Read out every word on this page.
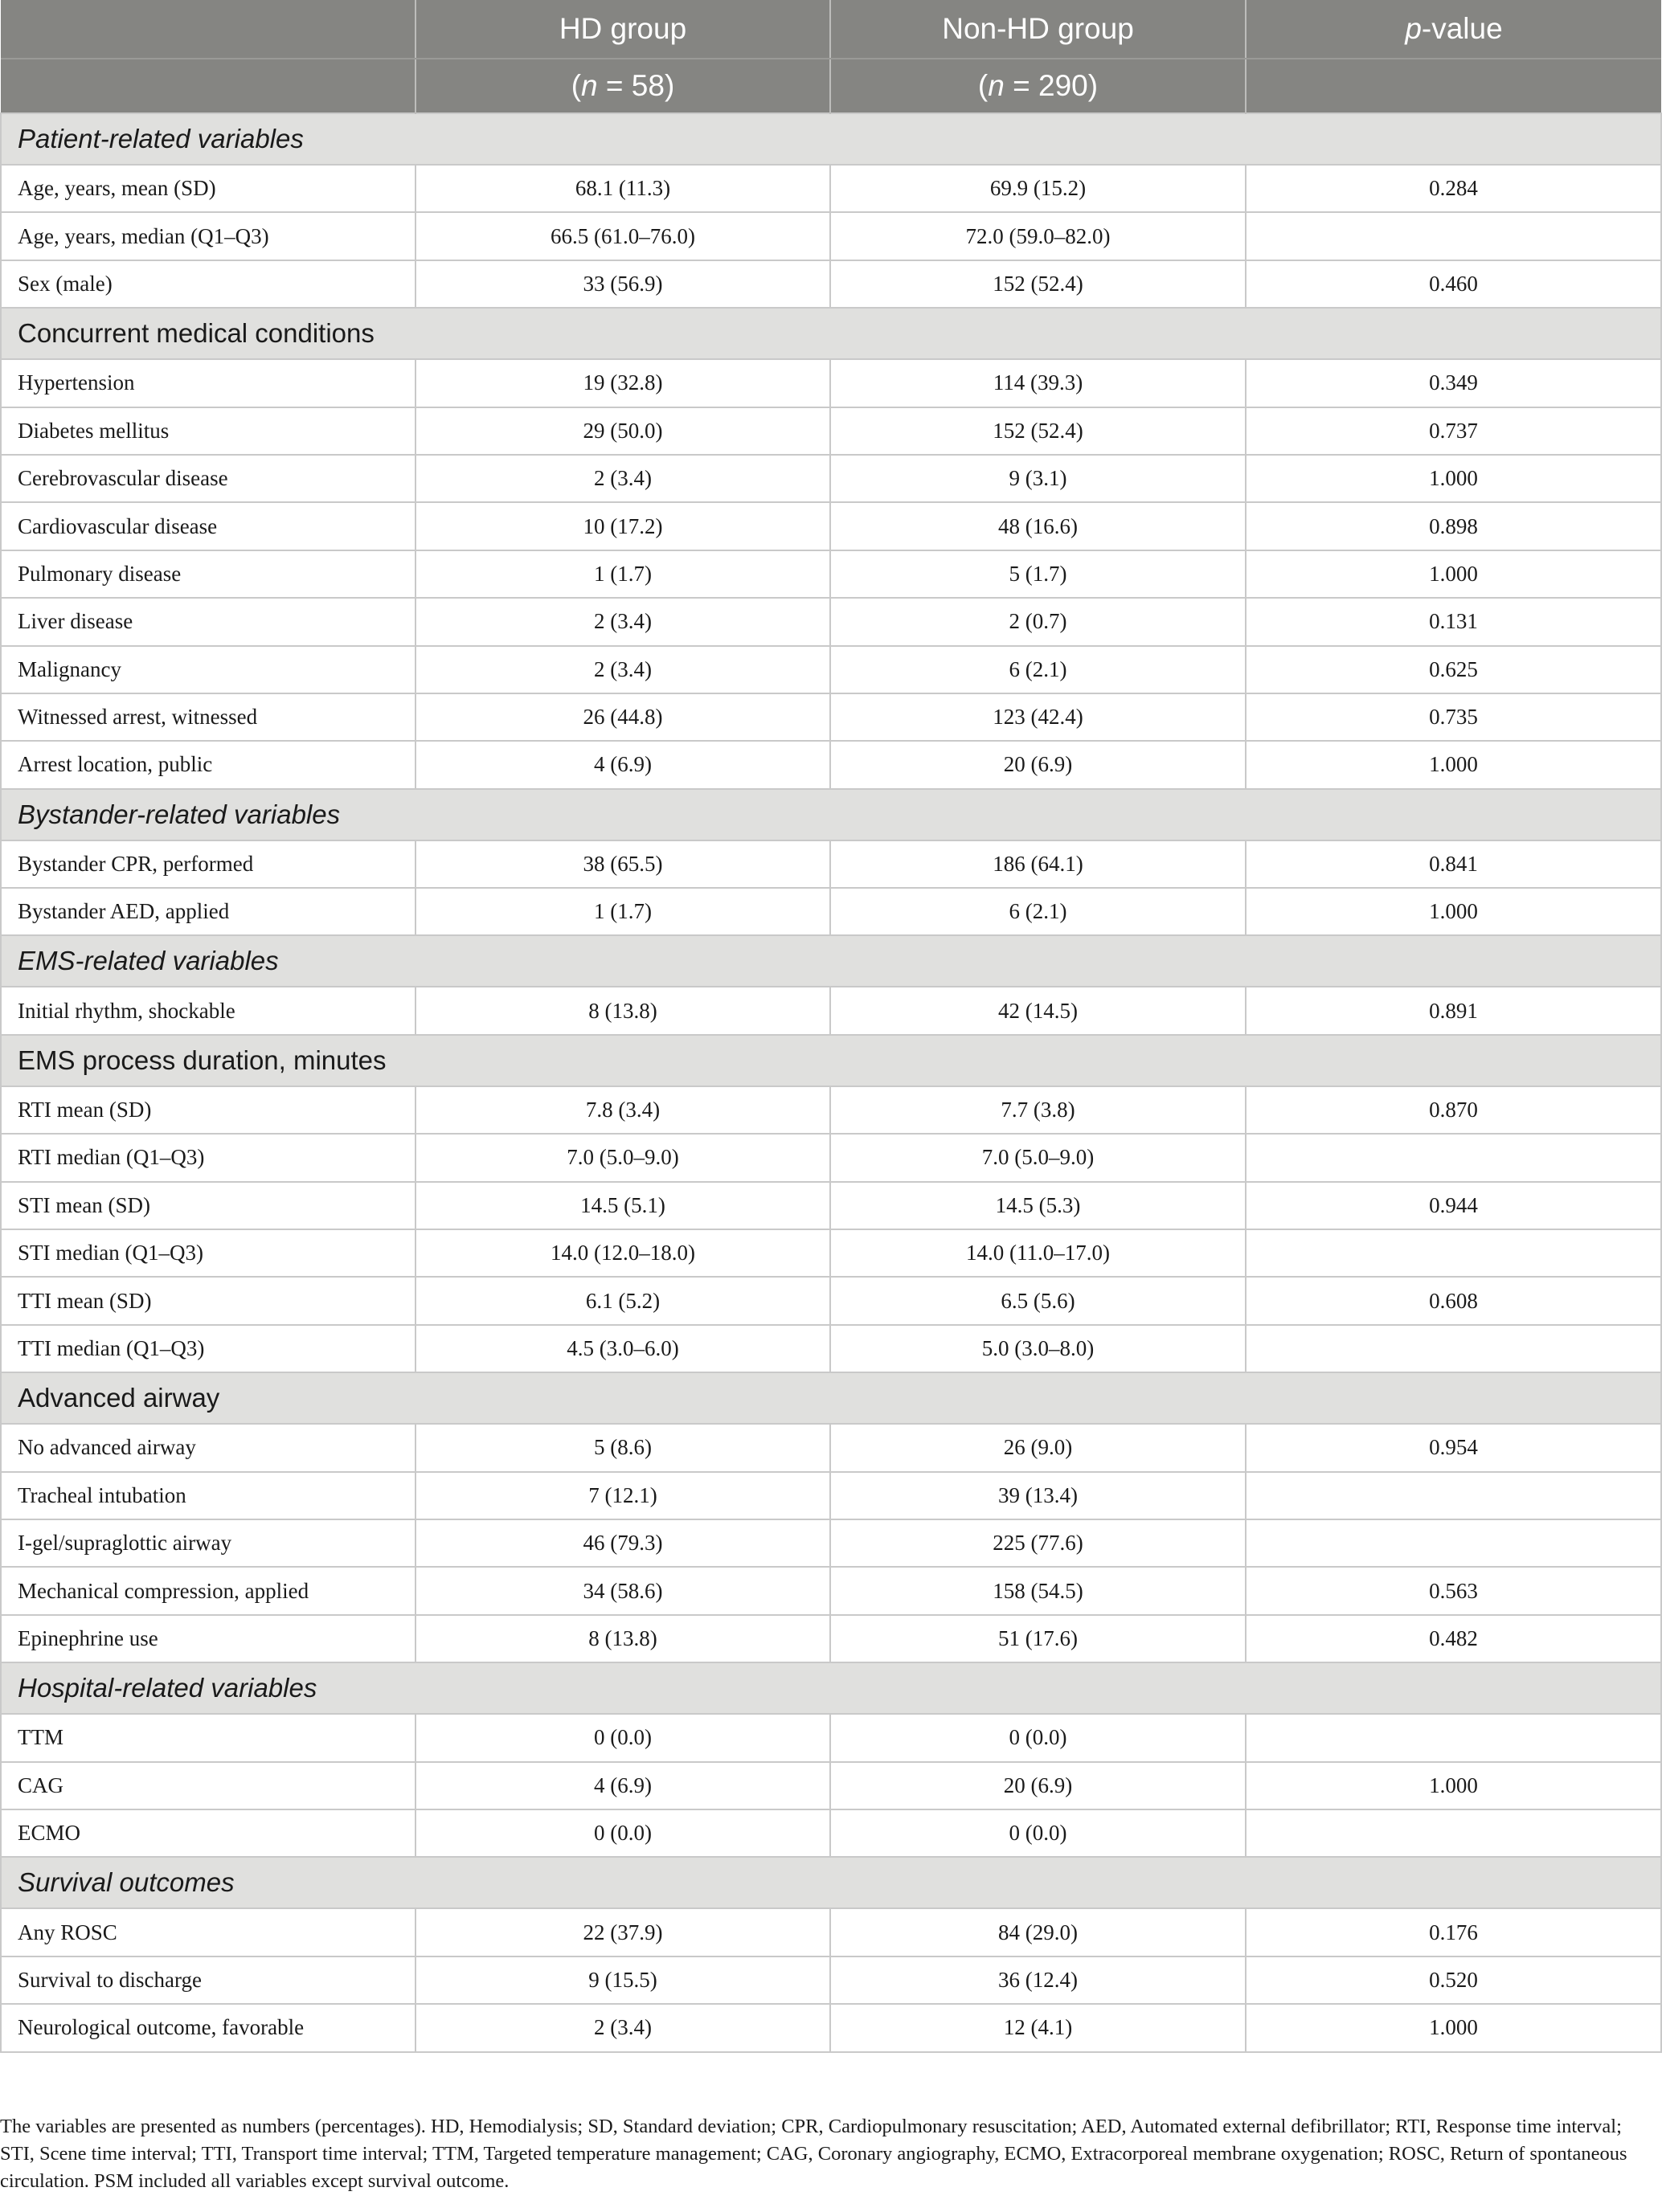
	HD group	Non-HD group	p-value
	(n = 58)	(n = 290)	
Patient-related variables			
Age, years, mean (SD)	68.1 (11.3)	69.9 (15.2)	0.284
Age, years, median (Q1–Q3)	66.5 (61.0–76.0)	72.0 (59.0–82.0)	
Sex (male)	33 (56.9)	152 (52.4)	0.460
Concurrent medical conditions			
Hypertension	19 (32.8)	114 (39.3)	0.349
Diabetes mellitus	29 (50.0)	152 (52.4)	0.737
Cerebrovascular disease	2 (3.4)	9 (3.1)	1.000
Cardiovascular disease	10 (17.2)	48 (16.6)	0.898
Pulmonary disease	1 (1.7)	5 (1.7)	1.000
Liver disease	2 (3.4)	2 (0.7)	0.131
Malignancy	2 (3.4)	6 (2.1)	0.625
Witnessed arrest, witnessed	26 (44.8)	123 (42.4)	0.735
Arrest location, public	4 (6.9)	20 (6.9)	1.000
Bystander-related variables			
Bystander CPR, performed	38 (65.5)	186 (64.1)	0.841
Bystander AED, applied	1 (1.7)	6 (2.1)	1.000
EMS-related variables			
Initial rhythm, shockable	8 (13.8)	42 (14.5)	0.891
EMS process duration, minutes			
RTI mean (SD)	7.8 (3.4)	7.7 (3.8)	0.870
RTI median (Q1–Q3)	7.0 (5.0–9.0)	7.0 (5.0–9.0)	
STI mean (SD)	14.5 (5.1)	14.5 (5.3)	0.944
STI median (Q1–Q3)	14.0 (12.0–18.0)	14.0 (11.0–17.0)	
TTI mean (SD)	6.1 (5.2)	6.5 (5.6)	0.608
TTI median (Q1–Q3)	4.5 (3.0–6.0)	5.0 (3.0–8.0)	
Advanced airway			
No advanced airway	5 (8.6)	26 (9.0)	0.954
Tracheal intubation	7 (12.1)	39 (13.4)	
I-gel/supraglottic airway	46 (79.3)	225 (77.6)	
Mechanical compression, applied	34 (58.6)	158 (54.5)	0.563
Epinephrine use	8 (13.8)	51 (17.6)	0.482
Hospital-related variables			
TTM	0 (0.0)	0 (0.0)	
CAG	4 (6.9)	20 (6.9)	1.000
ECMO	0 (0.0)	0 (0.0)	
Survival outcomes			
Any ROSC	22 (37.9)	84 (29.0)	0.176
Survival to discharge	9 (15.5)	36 (12.4)	0.520
Neurological outcome, favorable	2 (3.4)	12 (4.1)	1.000
The variables are presented as numbers (percentages). HD, Hemodialysis; SD, Standard deviation; CPR, Cardiopulmonary resuscitation; AED, Automated external defibrillator; RTI, Response time interval; STI, Scene time interval; TTI, Transport time interval; TTM, Targeted temperature management; CAG, Coronary angiography, ECMO, Extracorporeal membrane oxygenation; ROSC, Return of spontaneous circulation. PSM included all variables except survival outcome.
